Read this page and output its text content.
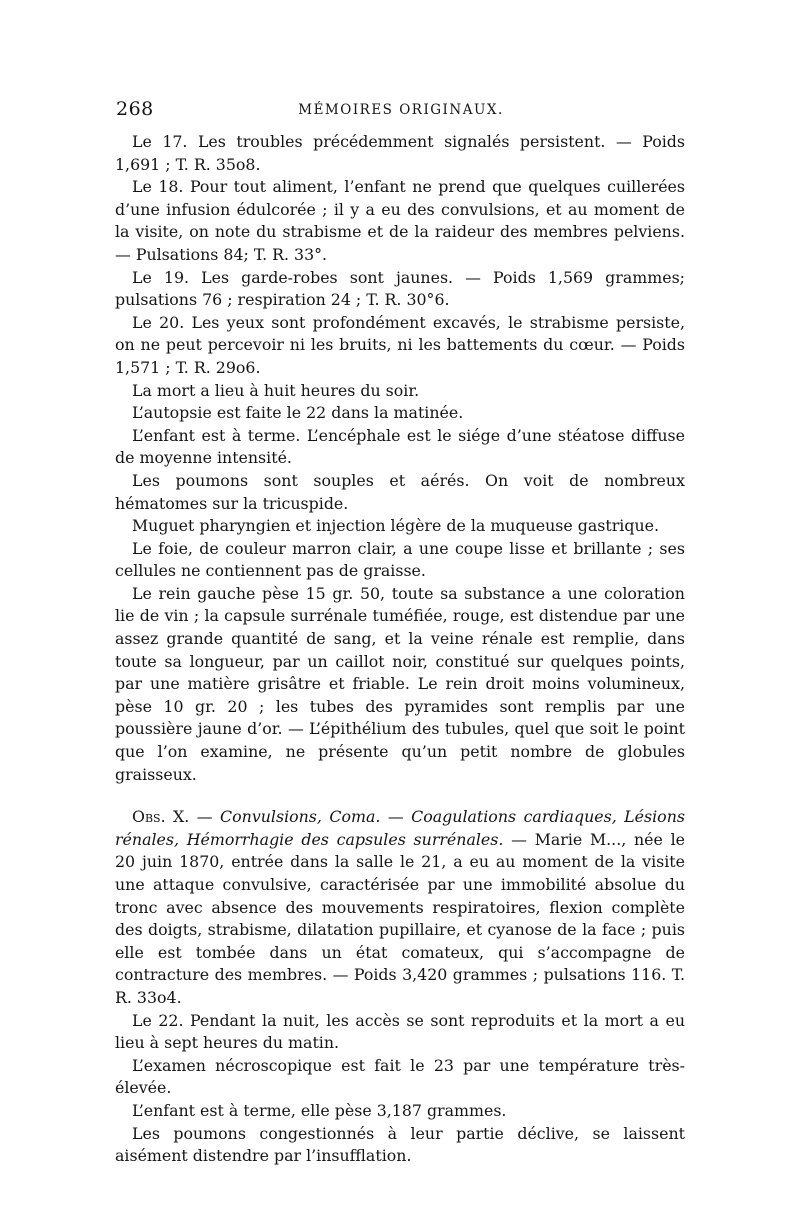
268	MÉMOIRES ORIGINAUX.

Le 17. Les troubles précédemment signalés persistent. — Poids 1,691 ; T. R. 35o8.

Le 18. Pour tout aliment, l’enfant ne prend que quelques cuillerées d’une infusion édulcorée ; il y a eu des convulsions, et au moment de la visite, on note du strabisme et de la raideur des membres pelviens. — Pulsations 84; T. R. 33°.

Le 19. Les garde-robes sont jaunes. — Poids 1,569 grammes; pulsations 76 ; respiration 24 ; T. R. 30°6.

Le 20. Les yeux sont profondément excavés, le strabisme persiste, on ne peut percevoir ni les bruits, ni les battements du cœur. — Poids 1,571 ; T. R. 29o6.

La mort a lieu à huit heures du soir.

L’autopsie est faite le 22 dans la matinée.

L’enfant est à terme. L’encéphale est le siége d’une stéatose diffuse de moyenne intensité.

Les poumons sont souples et aérés. On voit de nombreux hématomes sur la tricuspide.

Muguet pharyngien et injection légère de la muqueuse gastrique.

Le foie, de couleur marron clair, a une coupe lisse et brillante ; ses cellules ne contiennent pas de graisse.

Le rein gauche pèse 15 gr. 50, toute sa substance a une coloration lie de vin ; la capsule surrénale tuméfiée, rouge, est distendue par une assez grande quantité de sang, et la veine rénale est remplie, dans toute sa longueur, par un caillot noir, constitué sur quelques points, par une matière grisâtre et friable. Le rein droit moins volumineux, pèse 10 gr. 20 ; les tubes des pyramides sont remplis par une poussière jaune d’or. — L’épithélium des tubules, quel que soit le point que l’on examine, ne présente qu’un petit nombre de globules graisseux.

Obs. X. — Convulsions, Coma. — Coagulations cardiaques, Lésions rénales, Hémorrhagie des capsules surrénales. — Marie M..., née le 20 juin 1870, entrée dans la salle le 21, a eu au moment de la visite une attaque convulsive, caractérisée par une immobilité absolue du tronc avec absence des mouvements respiratoires, flexion complète des doigts, strabisme, dilatation pupillaire, et cyanose de la face ; puis elle est tombée dans un état comateux, qui s’accompagne de contracture des membres. — Poids 3,420 grammes ; pulsations 116. T. R. 33o4.

Le 22. Pendant la nuit, les accès se sont reproduits et la mort a eu lieu à sept heures du matin.

L’examen nécroscopique est fait le 23 par une température très-élevée.

L’enfant est à terme, elle pèse 3,187 grammes.

Les poumons congestionnés à leur partie déclive, se laissent aisément distendre par l’insufflation.
